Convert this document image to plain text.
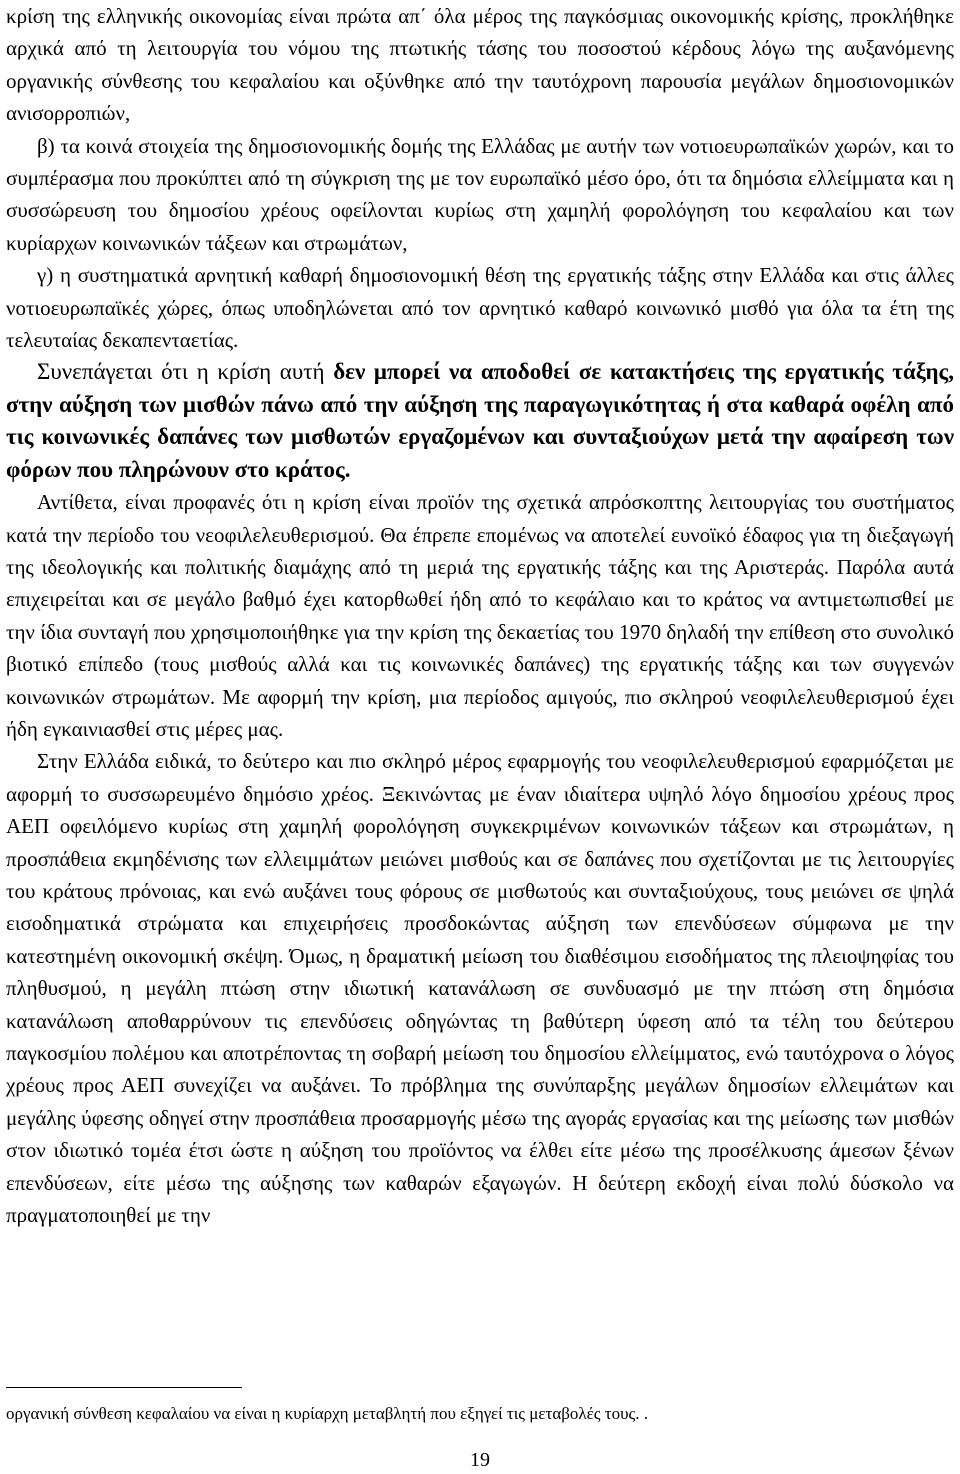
κρίση της ελληνικής οικονομίας είναι πρώτα απ΄ όλα μέρος της παγκόσμιας οικονομικής κρίσης, προκλήθηκε αρχικά από τη λειτουργία του νόμου της πτωτικής τάσης του ποσοστού κέρδους λόγω της αυξανόμενης οργανικής σύνθεσης του κεφαλαίου και οξύνθηκε από την ταυτόχρονη παρουσία μεγάλων δημοσιονομικών ανισορροπιών,

β) τα κοινά στοιχεία της δημοσιονομικής δομής της Ελλάδας με αυτήν των νοτιοευρωπαϊκών χωρών, και το συμπέρασμα που προκύπτει από τη σύγκριση της με τον ευρωπαϊκό μέσο όρο, ότι τα δημόσια ελλείμματα και η συσσώρευση του δημοσίου χρέους οφείλονται κυρίως στη χαμηλή φορολόγηση του κεφαλαίου και των κυρίαρχων κοινωνικών τάξεων και στρωμάτων,

γ) η συστηματικά αρνητική καθαρή δημοσιονομική θέση της εργατικής τάξης στην Ελλάδα και στις άλλες νοτιοευρωπαϊκές χώρες, όπως υποδηλώνεται από τον αρνητικό καθαρό κοινωνικό μισθό για όλα τα έτη της τελευταίας δεκαπενταετίας.

Συνεπάγεται ότι η κρίση αυτή δεν μπορεί να αποδοθεί σε κατακτήσεις της εργατικής τάξης, στην αύξηση των μισθών πάνω από την αύξηση της παραγωγικότητας ή στα καθαρά οφέλη από τις κοινωνικές δαπάνες των μισθωτών εργαζομένων και συνταξιούχων μετά την αφαίρεση των φόρων που πληρώνουν στο κράτος.

Αντίθετα, είναι προφανές ότι η κρίση είναι προϊόν της σχετικά απρόσκοπτης λειτουργίας του συστήματος κατά την περίοδο του νεοφιλελευθερισμού. Θα έπρεπε επομένως να αποτελεί ευνοϊκό έδαφος για τη διεξαγωγή της ιδεολογικής και πολιτικής διαμάχης από τη μεριά της εργατικής τάξης και της Αριστεράς. Παρόλα αυτά επιχειρείται και σε μεγάλο βαθμό έχει κατορθωθεί ήδη από το κεφάλαιο και το κράτος να αντιμετωπισθεί με την ίδια συνταγή που χρησιμοποιήθηκε για την κρίση της δεκαετίας του 1970 δηλαδή την επίθεση στο συνολικό βιοτικό επίπεδο (τους μισθούς αλλά και τις κοινωνικές δαπάνες) της εργατικής τάξης και των συγγενών κοινωνικών στρωμάτων. Με αφορμή την κρίση, μια περίοδος αμιγούς, πιο σκληρού νεοφιλελευθερισμού έχει ήδη εγκαινιασθεί στις μέρες μας.

Στην Ελλάδα ειδικά, το δεύτερο και πιο σκληρό μέρος εφαρμογής του νεοφιλελευθερισμού εφαρμόζεται με αφορμή το συσσωρευμένο δημόσιο χρέος. Ξεκινώντας με έναν ιδιαίτερα υψηλό λόγο δημοσίου χρέους προς ΑΕΠ οφειλόμενο κυρίως στη χαμηλή φορολόγηση συγκεκριμένων κοινωνικών τάξεων και στρωμάτων, η προσπάθεια εκμηδένισης των ελλειμμάτων μειώνει μισθούς και σε δαπάνες που σχετίζονται με τις λειτουργίες του κράτους πρόνοιας, και ενώ αυξάνει τους φόρους σε μισθωτούς και συνταξιούχους, τους μειώνει σε ψηλά εισοδηματικά στρώματα και επιχειρήσεις προσδοκώντας αύξηση των επενδύσεων σύμφωνα με την κατεστημένη οικονομική σκέψη. Όμως, η δραματική μείωση του διαθέσιμου εισοδήματος της πλειοψηφίας του πληθυσμού, η μεγάλη πτώση στην ιδιωτική κατανάλωση σε συνδυασμό με την πτώση στη δημόσια κατανάλωση αποθαρρύνουν τις επενδύσεις οδηγώντας τη βαθύτερη ύφεση από τα τέλη του δεύτερου παγκοσμίου πολέμου και αποτρέποντας τη σοβαρή μείωση του δημοσίου ελλείμματος, ενώ ταυτόχρονα ο λόγος χρέους προς ΑΕΠ συνεχίζει να αυξάνει. Το πρόβλημα της συνύπαρξης μεγάλων δημοσίων ελλειμάτων και μεγάλης ύφεσης οδηγεί στην προσπάθεια προσαρμογής μέσω της αγοράς εργασίας και της μείωσης των μισθών στον ιδιωτικό τομέα έτσι ώστε η αύξηση του προϊόντος να έλθει είτε μέσω της προσέλκυσης άμεσων ξένων επενδύσεων, είτε μέσω της αύξησης των καθαρών εξαγωγών. Η δεύτερη εκδοχή είναι πολύ δύσκολο να πραγματοποιηθεί με την

οργανική σύνθεση κεφαλαίου να είναι η κυρίαρχη μεταβλητή που εξηγεί τις μεταβολές τους. .

19
